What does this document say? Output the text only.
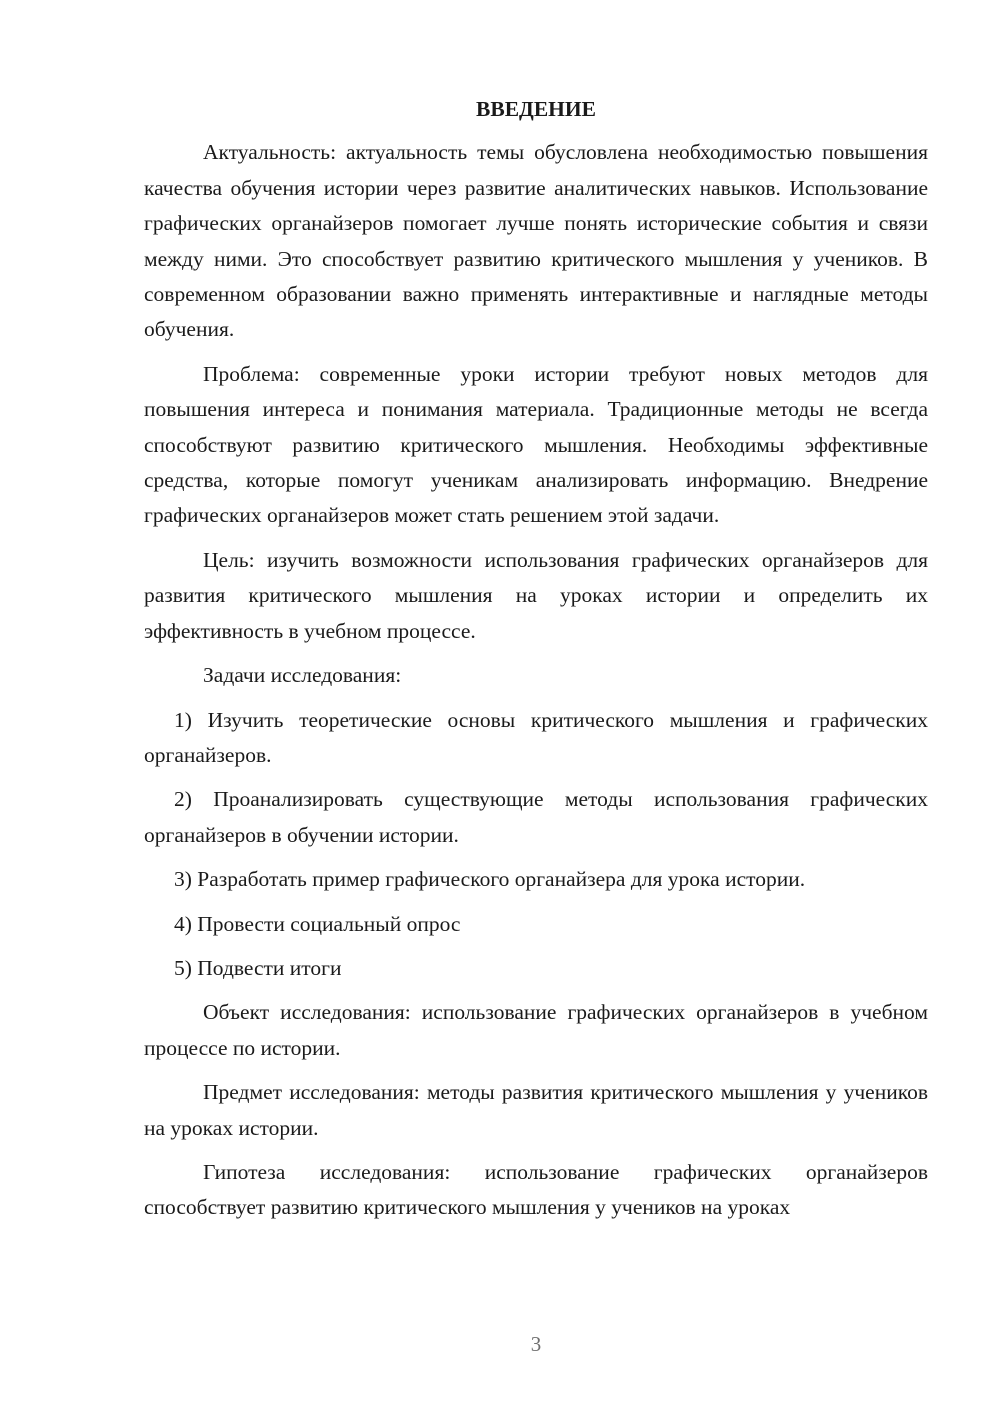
ВВЕДЕНИЕ

Актуальность: актуальность темы обусловлена необходимостью повышения качества обучения истории через развитие аналитических навыков. Использование графических органайзеров помогает лучше понять исторические события и связи между ними. Это способствует развитию критического мышления у учеников. В современном образовании важно применять интерактивные и наглядные методы обучения.

Проблема: современные уроки истории требуют новых методов для повышения интереса и понимания материала. Традиционные методы не всегда способствуют развитию критического мышления. Необходимы эффективные средства, которые помогут ученикам анализировать информацию. Внедрение графических органайзеров может стать решением этой задачи.

Цель: изучить возможности использования графических органайзеров для развития критического мышления на уроках истории и определить их эффективность в учебном процессе.

Задачи исследования:

1) Изучить теоретические основы критического мышления и графических органайзеров.

2) Проанализировать существующие методы использования графических органайзеров в обучении истории.

3) Разработать пример графического органайзера для урока истории.

4) Провести социальный опрос

5) Подвести итоги

Объект исследования: использование графических органайзеров в учебном процессе по истории.

Предмет исследования: методы развития критического мышления у учеников на уроках истории.

Гипотеза исследования: использование графических органайзеров способствует развитию критического мышления у учеников на уроках

3
